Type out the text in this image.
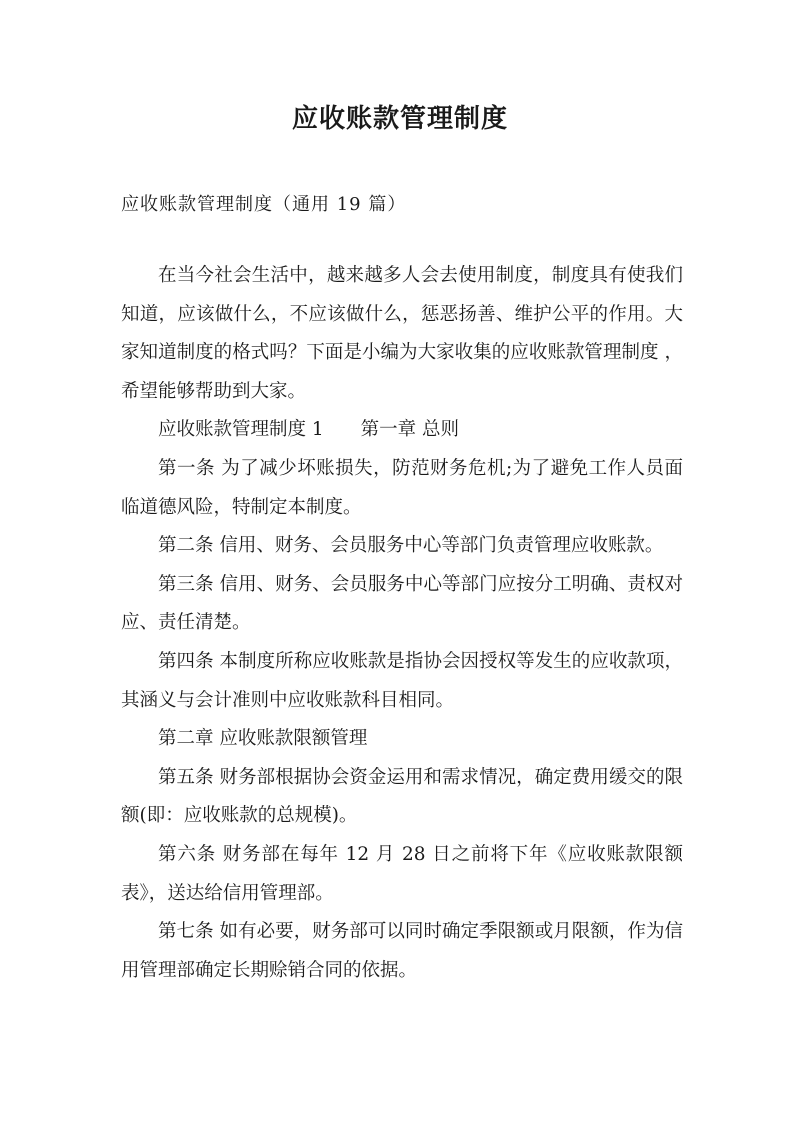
应收账款管理制度

应收账款管理制度（通用 19 篇）

在当今社会生活中，越来越多人会去使用制度，制度具有使我们知道，应该做什么，不应该做什么，惩恶扬善、维护公平的作用。大家知道制度的格式吗？下面是小编为大家收集的应收账款管理制度 ，希望能够帮助到大家。

应收账款管理制度 1　　第一章 总则

第一条 为了减少坏账损失，防范财务危机;为了避免工作人员面临道德风险，特制定本制度。

第二条 信用、财务、会员服务中心等部门负责管理应收账款。

第三条 信用、财务、会员服务中心等部门应按分工明确、责权对应、责任清楚。

第四条 本制度所称应收账款是指协会因授权等发生的应收款项，其涵义与会计准则中应收账款科目相同。

第二章 应收账款限额管理

第五条 财务部根据协会资金运用和需求情况，确定费用缓交的限额(即：应收账款的总规模)。

第六条 财务部在每年 12 月 28 日之前将下年《应收账款限额表》，送达给信用管理部。

第七条 如有必要，财务部可以同时确定季限额或月限额，作为信用管理部确定长期赊销合同的依据。
